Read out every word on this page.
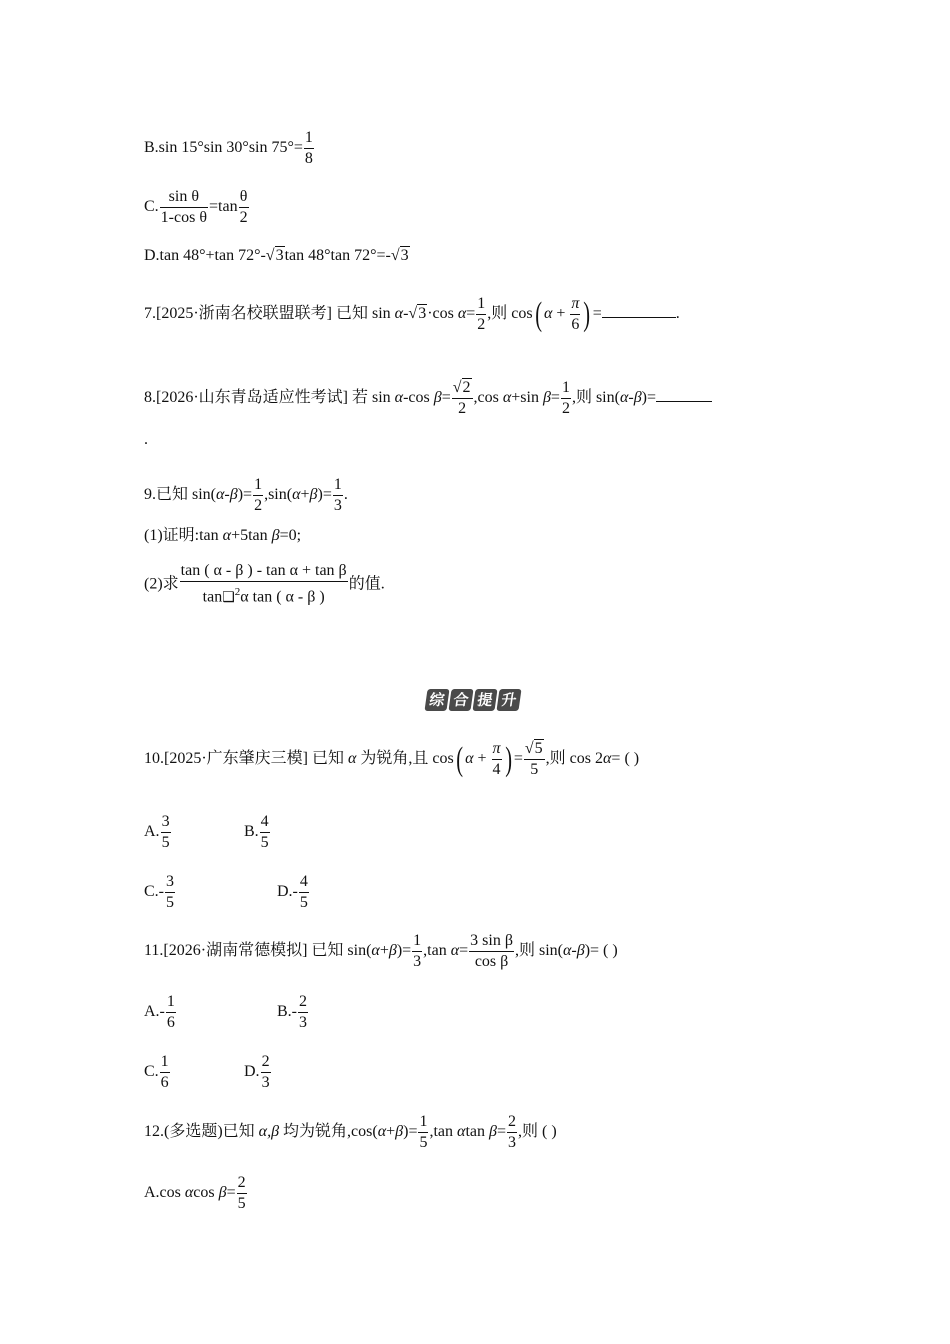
B.sin 15°sin 30°sin $75^\circ= \frac{1}{8}$
C. $\frac{\text{sin θ}}{\text{1-cos θ}} =\tan \frac{\theta}{2}$
D.tan 48°+tan 72°-√3tan 48°tan 72°=-√3
7.[2025·浙南名校联盟联考] 已知 sin α-√3·cos $\alpha= \frac{1}{2}$ ,则 cos( $\alpha + \frac{\pi}{6}$ ) =	.
8.[2026·山东青岛适应性考试] 若 sin α-cos $\beta= \frac{√2}{2} ,\cos$ α+sin $\beta= \frac{1}{2}$ ,则 sin(α-β)=
.
9.已知 $\sin(\alpha-\beta)= \frac{1}{2} ,\sin(\alpha+\beta)= \frac{1}{3}$ .
(1)证明:tan α+5tan β=0;
(2)求 $\frac{\text{tan ( α - β ) - tan α + tan β}}{\tan❑^2\alpha \tan ( \alpha - \beta )}$ 的值.
综 合 提 升
10.[2025·广东肇庆三模] 已知 α 为锐角,且 cos( $\alpha + \frac{\pi}{4}$ ) = $\frac{√5}{5}$ ,则 cos 2α= ( )
A. $\frac{3}{5}$	B. $\frac{4}{5}$
$C.- \frac{3}{5}$	$D.- \frac{4}{5}$
11.[2026·湖南常德模拟] 已知 $\sin(\alpha+\beta)= \frac{1}{3} ,\tan$ $\alpha= \frac{\text{3 sin β}}{\text{cos β}}$ ,则 sin(α-β)= ( )
$A.- \frac{1}{6}$	$B.- \frac{2}{3}$
C. $\frac{1}{6}$	D. $\frac{2}{3}$
12.(多选题)已知 α,β 均为锐角$,\cos(\alpha+\beta)= \frac{1}{5} ,\tan$ αtan $\beta= \frac{2}{3}$ ,则 ( )
A.cos αcos $\beta= \frac{2}{5}$
